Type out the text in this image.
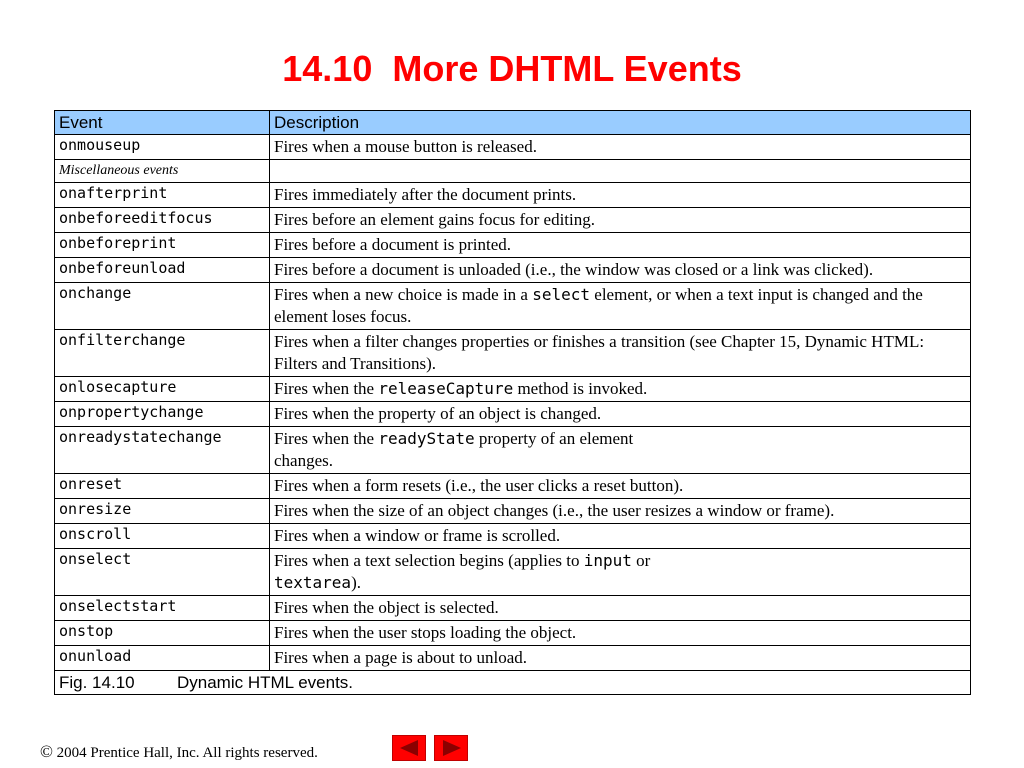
14.10  More DHTML Events
Event	Description
onmouseup	Fires when a mouse button is released.
Miscellaneous events	
onafterprint	Fires immediately after the document prints.
onbeforeeditfocus	Fires before an element gains focus for editing.
onbeforeprint	Fires before a document is printed.
onbeforeunload	Fires before a document is unloaded (i.e., the window was closed or a link was clicked).
onchange	Fires when a new choice is made in a select element, or when a text input is changed and the element loses focus.
onfilterchange	Fires when a filter changes properties or finishes a transition (see Chapter 15, Dynamic HTML: Filters and Transitions).
onlosecapture	Fires when the releaseCapture method is invoked.
onpropertychange	Fires when the property of an object is changed.
onreadystatechange	Fires when the readyState property of an element
changes.
onreset	Fires when a form resets (i.e., the user clicks a reset button).
onresize	Fires when the size of an object changes (i.e., the user resizes a window or frame).
onscroll	Fires when a window or frame is scrolled.
onselect	Fires when a text selection begins (applies to input or
textarea).
onselectstart	Fires when the object is selected.
onstop	Fires when the user stops loading the object.
onunload	Fires when a page is about to unload.
Fig. 14.10 Dynamic HTML events.	
© 2004 Prentice Hall, Inc. All rights reserved.
